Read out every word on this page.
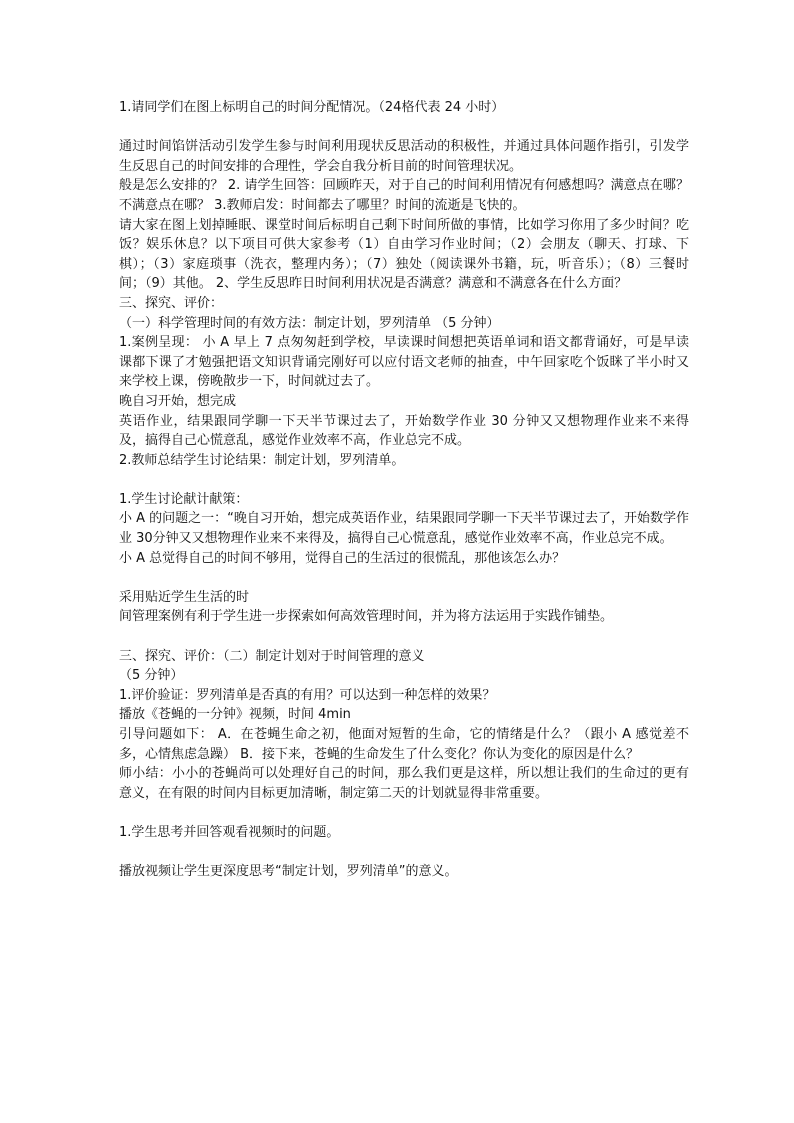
1.请同学们在图上标明自己的时间分配情况。（24格代表 24 小时）

通过时间馅饼活动引发学生参与时间利用现状反思活动的积极性，并通过具体问题作指引，引发学生反思自己的时间安排的合理性，学会自我分析目前的时间管理状况。

般是怎么安排的？ 2. 请学生回答：回顾昨天，对于自己的时间利用情况有何感想吗？满意点在哪？不满意点在哪？ 3.教师启发：时间都去了哪里？时间的流逝是飞快的。

请大家在图上划掉睡眠、课堂时间后标明自己剩下时间所做的事情，比如学习你用了多少时间？吃饭？娱乐休息？以下项目可供大家参考（1）自由学习作业时间；（2）会朋友（聊天、打球、下棋）；（3）家庭琐事（洗衣，整理内务）；（7）独处（阅读课外书籍，玩，听音乐）；（8）三餐时间；（9）其他。 2、学生反思昨日时间利用状况是否满意？满意和不满意各在什么方面？

三、探究、评价：

（一）科学管理时间的有效方法：制定计划，罗列清单 （5 分钟）

1.案例呈现： 小 A 早上 7 点匆匆赶到学校，早读课时间想把英语单词和语文都背诵好，可是早读课都下课了才勉强把语文知识背诵完刚好可以应付语文老师的抽查，中午回家吃个饭眯了半小时又来学校上课，傍晚散步一下，时间就过去了。

晚自习开始，想完成

英语作业，结果跟同学聊一下天半节课过去了，开始数学作业 30 分钟又又想物理作业来不来得及，搞得自己心慌意乱，感觉作业效率不高，作业总完不成。

2.教师总结学生讨论结果：制定计划，罗列清单。

1.学生讨论献计献策：

小 A 的问题之一：“晚自习开始，想完成英语作业，结果跟同学聊一下天半节课过去了，开始数学作业 30分钟又又想物理作业来不来得及，搞得自己心慌意乱，感觉作业效率不高，作业总完不成。

小 A 总觉得自己的时间不够用，觉得自己的生活过的很慌乱，那他该怎么办？

采用贴近学生生活的时

间管理案例有利于学生进一步探索如何高效管理时间，并为将方法运用于实践作铺垫。

三、探究、评价：（二）制定计划对于时间管理的意义

（5 分钟）

1.评价验证：罗列清单是否真的有用？可以达到一种怎样的效果？

播放《苍蝇的一分钟》视频，时间 4min

引导问题如下： A．在苍蝇生命之初，他面对短暂的生命，它的情绪是什么？（跟小 A 感觉差不多，心情焦虑急躁） B．接下来，苍蝇的生命发生了什么变化？你认为变化的原因是什么？

师小结：小小的苍蝇尚可以处理好自己的时间，那么我们更是这样，所以想让我们的生命过的更有意义，在有限的时间内目标更加清晰，制定第二天的计划就显得非常重要。

1.学生思考并回答观看视频时的问题。

播放视频让学生更深度思考“制定计划，罗列清单”的意义。
